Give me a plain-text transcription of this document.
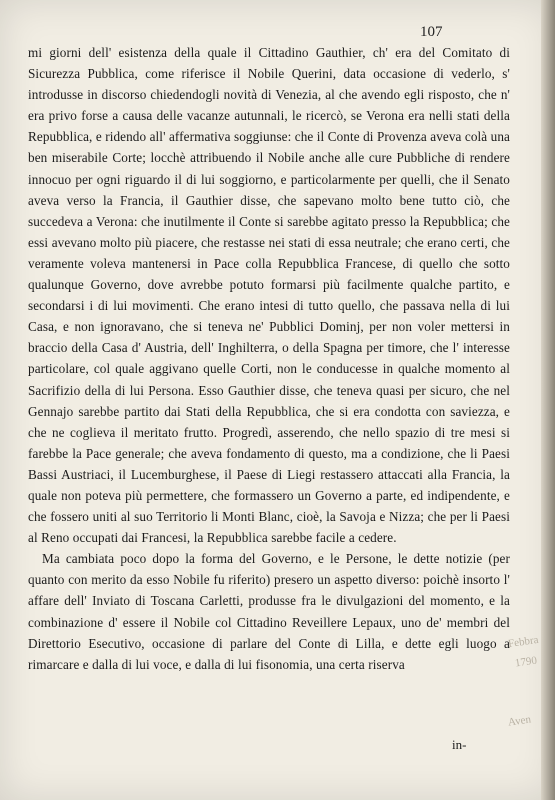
Febbra
1790
Aven
107

mi giorni dell' esistenza della quale il Cittadino Gauthier, ch' era del Comitato di Sicurezza Pubblica, come riferisce il Nobile Querini, data occasione di vederlo, s' introdusse in discorso chiedendogli novità di Venezia, al che avendo egli risposto, che n' era privo forse a causa delle vacanze autunnali, le ricercò, se Verona era nelli stati della Repubblica, e ridendo all' affermativa soggiunse: che il Conte di Provenza aveva colà una ben miserabile Corte; locchè attribuendo il Nobile anche alle cure Pubbliche di rendere innocuo per ogni riguardo il di lui soggiorno, e particolarmente per quelli, che il Senato aveva verso la Francia, il Gauthier disse, che sapevano molto bene tutto ciò, che succedeva a Verona: che inutilmente il Conte si sarebbe agitato presso la Repubblica; che essi avevano molto più piacere, che restasse nei stati di essa neutrale; che erano certi, che veramente voleva mantenersi in Pace colla Repubblica Francese, di quello che sotto qualunque Governo, dove avrebbe potuto formarsi più facilmente qualche partito, e secondarsi i di lui movimenti. Che erano intesi di tutto quello, che passava nella di lui Casa, e non ignoravano, che si teneva ne' Pubblici Dominj, per non voler mettersi in braccio della Casa d' Austria, dell' Inghilterra, o della Spagna per timore, che l' interesse particolare, col quale aggivano quelle Corti, non le conducesse in qualche momento al Sacrifizio della di lui Persona. Esso Gauthier disse, che teneva quasi per sicuro, che nel Gennajo sarebbe partito dai Stati della Repubblica, che si era condotta con saviezza, e che ne coglieva il meritato frutto. Progredì, asserendo, che nello spazio di tre mesi si farebbe la Pace generale; che aveva fondamento di questo, ma a condizione, che li Paesi Bassi Austriaci, il Lucemburghese, il Paese di Liegi restassero attaccati alla Francia, la quale non poteva più permettere, che formassero un Governo a parte, ed indipendente, e che fossero uniti al suo Territorio li Monti Blanc, cioè, la Savoja e Nizza; che per li Paesi al Reno occupati dai Francesi, la Repubblica sarebbe facile a cedere.

Ma cambiata poco dopo la forma del Governo, e le Persone, le dette notizie (per quanto con merito da esso Nobile fu riferito) presero un aspetto diverso: poichè insorto l' affare dell' Inviato di Toscana Carletti, produsse fra le divulgazioni del momento, e la combinazione d' essere il Nobile col Cittadino Reveillere Lepaux, uno de' membri del Direttorio Esecutivo, occasione di parlare del Conte di Lilla, e dette egli luogo a rimarcare e dalla di lui voce, e dalla di lui fisonomia, una certa riserva

in-
